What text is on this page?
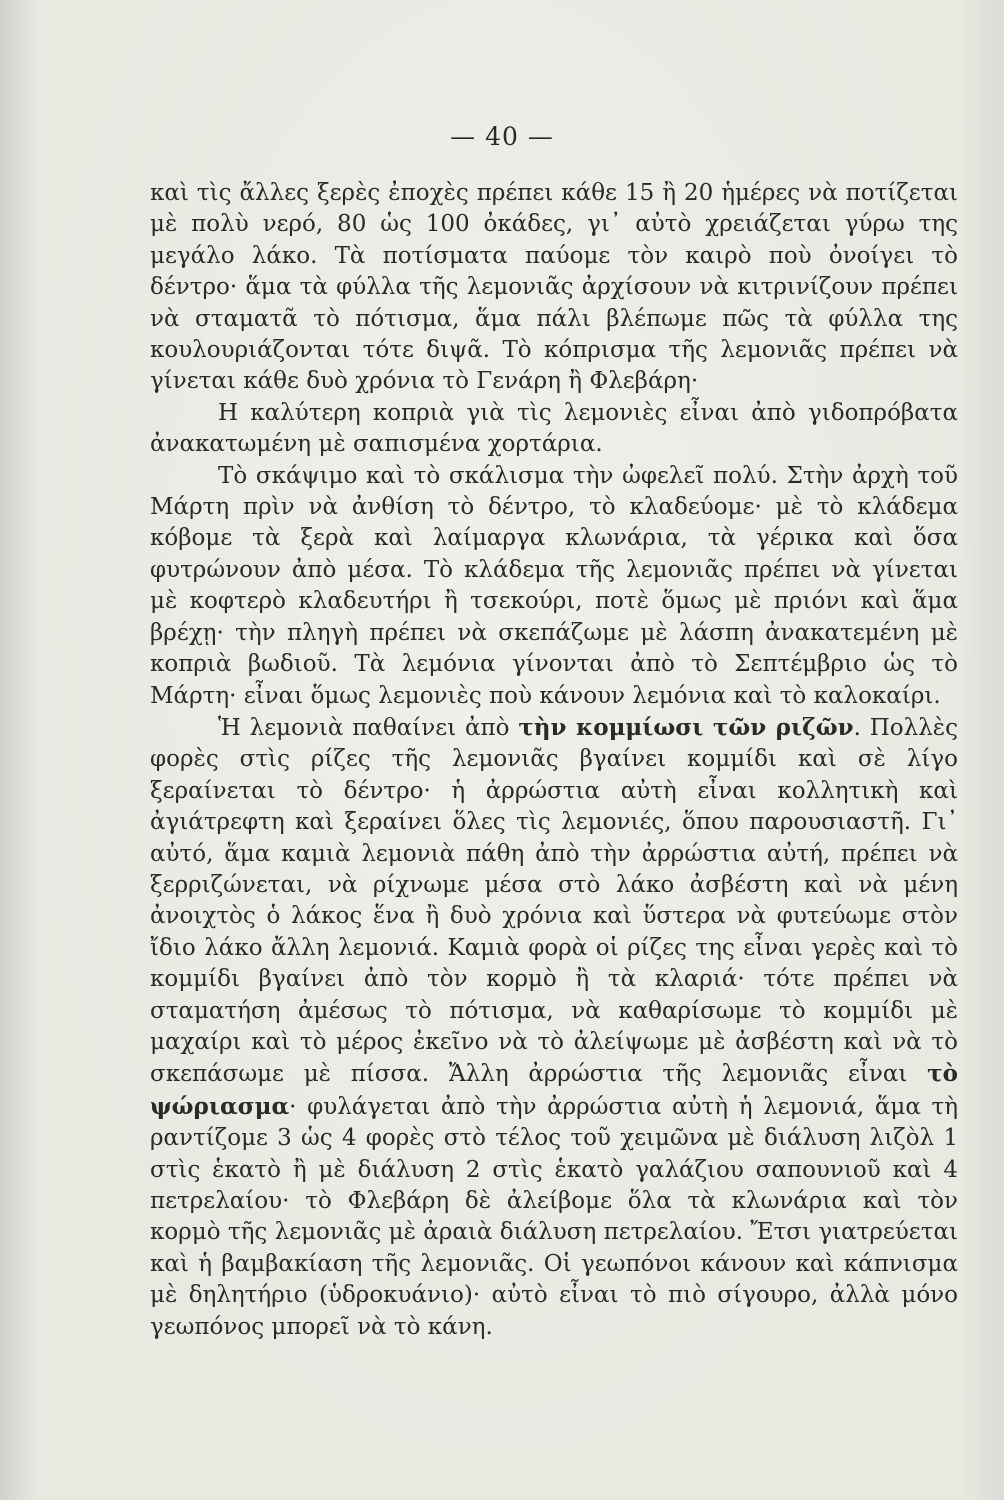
— 40 —

καὶ τὶς ἄλλες ξερὲς ἐποχὲς πρέπει κάθε 15 ἢ 20 ἡμέρες νὰ ποτίζεται μὲ πολὺ νερό, 80 ὡς 100 ὀκάδες, γι᾽ αὐτὸ χρειάζεται γύρω της μεγάλο λάκο. Τὰ ποτίσματα παύομε τὸν καιρὸ ποὺ ὀνοίγει τὸ δέντρο· ἅμα τὰ φύλλα τῆς λεμονιᾶς ἀρχίσουν νὰ κιτρινίζουν πρέπει νὰ σταματᾶ τὸ πότισμα, ἅμα πάλι βλέπωμε πῶς τὰ φύλλα της κουλουριάζονται τότε διψᾶ. Τὸ κόπρισμα τῆς λεμονιᾶς πρέπει νὰ γίνεται κάθε δυὸ χρόνια τὸ Γενάρη ἢ Φλεβάρη·

Η καλύτερη κοπριὰ γιὰ τὶς λεμονιὲς εἶναι ἀπὸ γιδοπρόβατα ἀνακατωμένη μὲ σαπισμένα χορτάρια.

Τὸ σκάψιμο καὶ τὸ σκάλισμα τὴν ὠφελεῖ πολύ. Στὴν ἀρχὴ τοῦ Μάρτη πρὶν νὰ ἀνθίση τὸ δέντρο, τὸ κλαδεύομε· μὲ τὸ κλάδεμα κόβομε τὰ ξερὰ καὶ λαίμαργα κλωνάρια, τὰ γέρικα καὶ ὅσα φυτρώνουν ἀπὸ μέσα. Τὸ κλάδεμα τῆς λεμονιᾶς πρέπει νὰ γίνεται μὲ κοφτερὸ κλαδευτήρι ἢ τσεκούρι, ποτὲ ὅμως μὲ πριόνι καὶ ἅμα βρέχῃ· τὴν πληγὴ πρέπει νὰ σκεπάζωμε μὲ λάσπη ἀνακατεμένη μὲ κοπριὰ βωδιοῦ. Τὰ λεμόνια γίνονται ἀπὸ τὸ Σεπτέμβριο ὡς τὸ Μάρτη· εἶναι ὅμως λεμονιὲς ποὺ κάνουν λεμόνια καὶ τὸ καλοκαίρι.

Ἡ λεμονιὰ παθαίνει ἀπὸ τὴν κομμίωσι τῶν ριζῶν. Πολλὲς φορὲς στὶς ρίζες τῆς λεμονιᾶς βγαίνει κομμίδι καὶ σὲ λίγο ξεραίνεται τὸ δέντρο· ἡ ἀρρώστια αὐτὴ εἶναι κολλητικὴ καὶ ἀγιάτρεφτη καὶ ξεραίνει ὅλες τὶς λεμονιές, ὅπου παρουσιαστῆ. Γι᾽ αὐτό, ἅμα καμιὰ λεμονιὰ πάθη ἀπὸ τὴν ἀρρώστια αὐτή, πρέπει νὰ ξερριζώνεται, νὰ ρίχνωμε μέσα στὸ λάκο ἀσβέστη καὶ νὰ μένη ἀνοιχτὸς ὁ λάκος ἕνα ἢ δυὸ χρόνια καὶ ὕστερα νὰ φυτεύωμε στὸν ἴδιο λάκο ἄλλη λεμονιά. Καμιὰ φορὰ οἱ ρίζες της εἶναι γερὲς καὶ τὸ κομμίδι βγαίνει ἀπὸ τὸν κορμὸ ἢ τὰ κλαριά· τότε πρέπει νὰ σταματήση ἀμέσως τὸ πότισμα, νὰ καθαρίσωμε τὸ κομμίδι μὲ μαχαίρι καὶ τὸ μέρος ἐκεῖνο νὰ τὸ ἀλείψωμε μὲ ἀσβέστη καὶ νὰ τὸ σκεπάσωμε μὲ πίσσα. Ἄλλη ἀρρώστια τῆς λεμονιᾶς εἶναι τὸ ψώριασμα· φυλάγεται ἀπὸ τὴν ἀρρώστια αὐτὴ ἡ λεμονιά, ἅμα τὴ ραντίζομε 3 ὡς 4 φορὲς στὸ τέλος τοῦ χειμῶνα μὲ διάλυση λιζὸλ 1 στὶς ἑκατὸ ἢ μὲ διάλυση 2 στὶς ἑκατὸ γαλάζιου σαπουνιοῦ καὶ 4 πετρελαίου· τὸ Φλεβάρη δὲ ἀλείβομε ὅλα τὰ κλωνάρια καὶ τὸν κορμὸ τῆς λεμονιᾶς μὲ ἀραιὰ διάλυση πετρελαίου. Ἔτσι γιατρεύεται καὶ ἡ βαμβακίαση τῆς λεμονιᾶς. Οἱ γεωπόνοι κάνουν καὶ κάπνισμα μὲ δηλητήριο (ὑδροκυάνιο)· αὐτὸ εἶναι τὸ πιὸ σίγουρο, ἀλλὰ μόνο γεωπόνος μπορεῖ νὰ τὸ κάνη.
